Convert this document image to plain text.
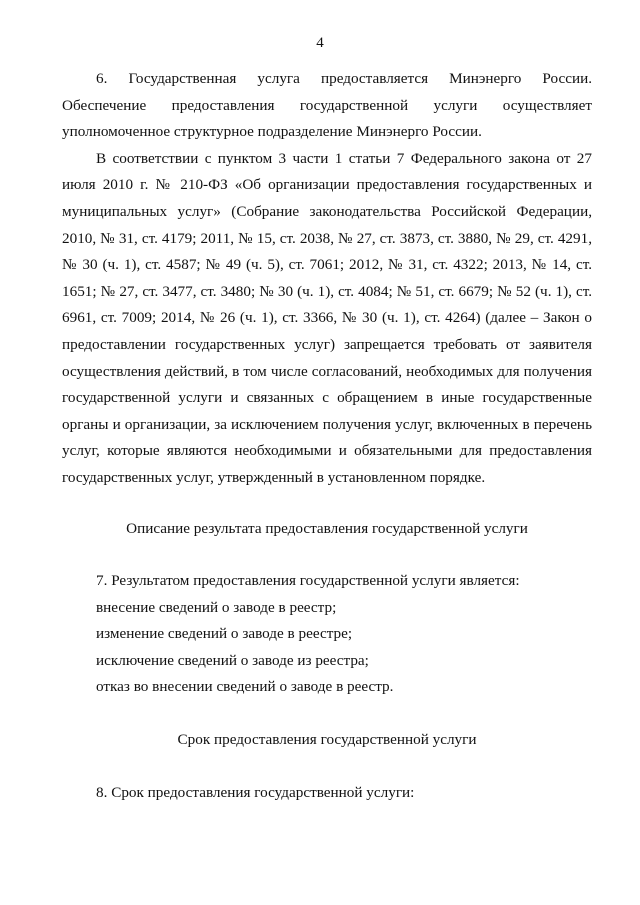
4

6. Государственная услуга предоставляется Минэнерго России. Обеспечение предоставления государственной услуги осуществляет уполномоченное структурное подразделение Минэнерго России.

В соответствии с пунктом 3 части 1 статьи 7 Федерального закона от 27 июля 2010 г. № 210-ФЗ «Об организации предоставления государственных и муниципальных услуг» (Собрание законодательства Российской Федерации, 2010, № 31, ст. 4179; 2011, № 15, ст. 2038, № 27, ст. 3873, ст. 3880, № 29, ст. 4291, № 30 (ч. 1), ст. 4587; № 49 (ч. 5), ст. 7061; 2012, № 31, ст. 4322; 2013, № 14, ст. 1651; № 27, ст. 3477, ст. 3480; № 30 (ч. 1), ст. 4084; № 51, ст. 6679; № 52 (ч. 1), ст. 6961, ст. 7009; 2014, № 26 (ч. 1), ст. 3366, № 30 (ч. 1), ст. 4264) (далее – Закон о предоставлении государственных услуг) запрещается требовать от заявителя осуществления действий, в том числе согласований, необходимых для получения государственной услуги и связанных с обращением в иные государственные органы и организации, за исключением получения услуг, включенных в перечень услуг, которые являются необходимыми и обязательными для предоставления государственных услуг, утвержденный в установленном порядке.

Описание результата предоставления государственной услуги

7. Результатом предоставления государственной услуги является:

внесение сведений о заводе в реестр;

изменение сведений о заводе в реестре;

исключение сведений о заводе из реестра;

отказ во внесении сведений о заводе в реестр.

Срок предоставления государственной услуги

8. Срок предоставления государственной услуги:
